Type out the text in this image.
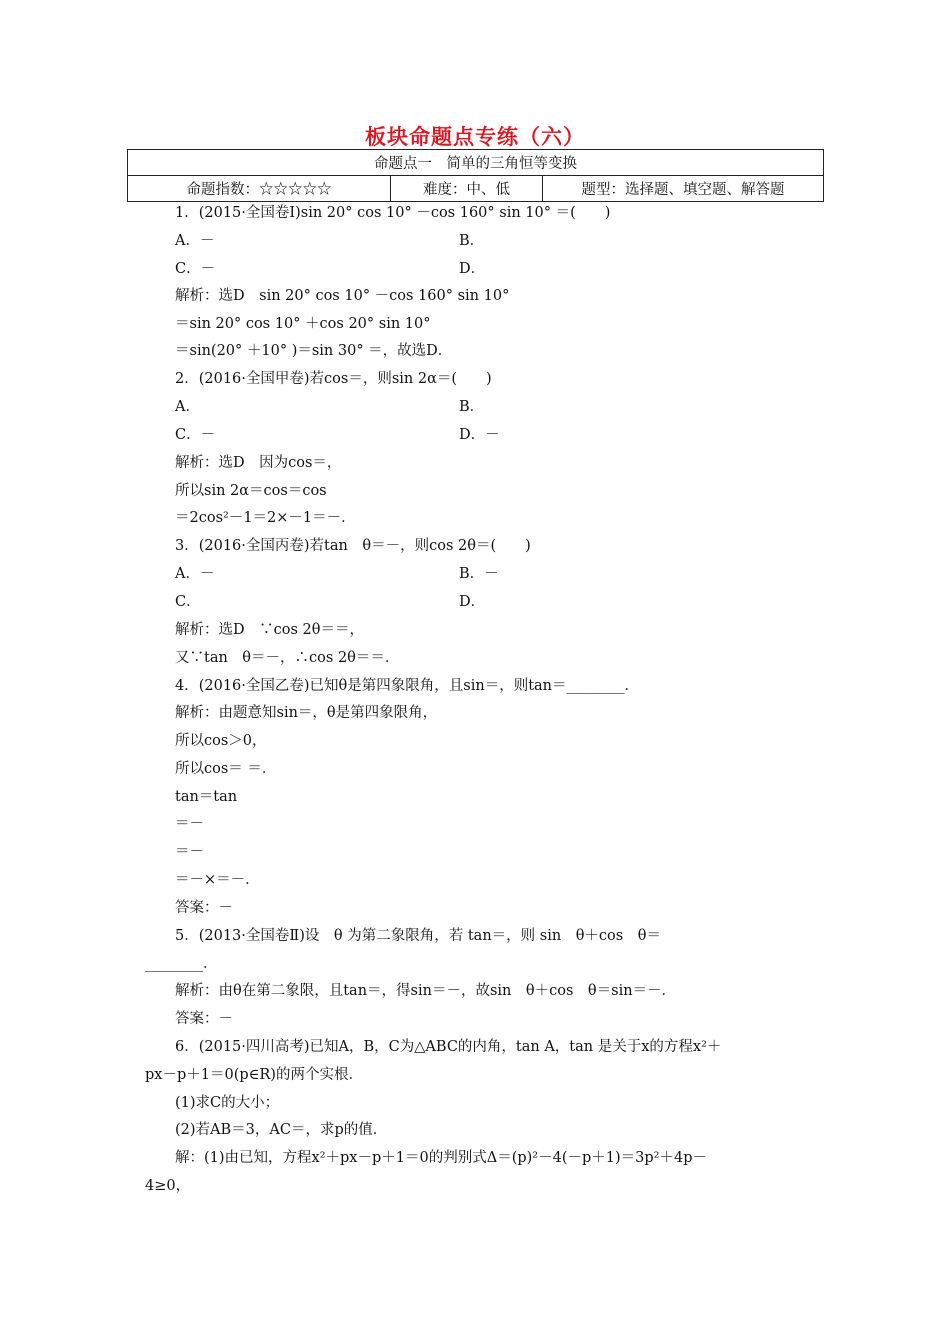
板块命题点专练（六）
命题点一　简单的三角恒等变换
命题指数：☆☆☆☆☆	难度：中、低	题型：选择题、填空题、解答题
1．(2015·全国卷Ⅰ)sin 20° cos 10° －cos 160° sin 10° ＝(　　)
A．－	B．
C．－	D．
解析：选D　sin 20° cos 10° －cos 160° sin 10°
＝sin 20° cos 10° ＋cos 20° sin 10°
＝sin(20° ＋10° )＝sin 30° ＝，故选D．
2．(2016·全国甲卷)若cos＝，则sin 2α＝(　　)
A．	B．
C．－	D．－
解析：选D　因为cos＝，
所以sin 2α＝cos＝cos
＝2cos²－1＝2×－1＝－．
3．(2016·全国丙卷)若tan　θ＝－，则cos 2θ＝(　　)
A．－	B．－
C．	D．
解析：选D　∵cos 2θ＝＝，
又∵tan　θ＝－，∴cos 2θ＝＝．
4．(2016·全国乙卷)已知θ是第四象限角，且sin＝，则tan＝________．
解析：由题意知sin＝，θ是第四象限角，
所以cos＞0，
所以cos＝ ＝．
tan＝tan
＝－
＝－
＝－×＝－．
答案：－
5．(2013·全国卷Ⅱ)设　θ 为第二象限角，若 tan＝，则 sin　θ＋cos　θ＝
________．
解析：由θ在第二象限，且tan＝，得sin＝－，故sin　θ＋cos　θ＝sin＝－．
答案：－
6．(2015·四川高考)已知A，B，C为△ABC的内角，tan A，tan 是关于x的方程x²＋
px－p＋1＝0(p∈R)的两个实根．
(1)求C的大小；
(2)若AB＝3，AC＝，求p的值．
解：(1)由已知，方程x²＋px－p＋1＝0的判别式Δ＝(p)²－4(－p＋1)＝3p²＋4p－
4≥0，
